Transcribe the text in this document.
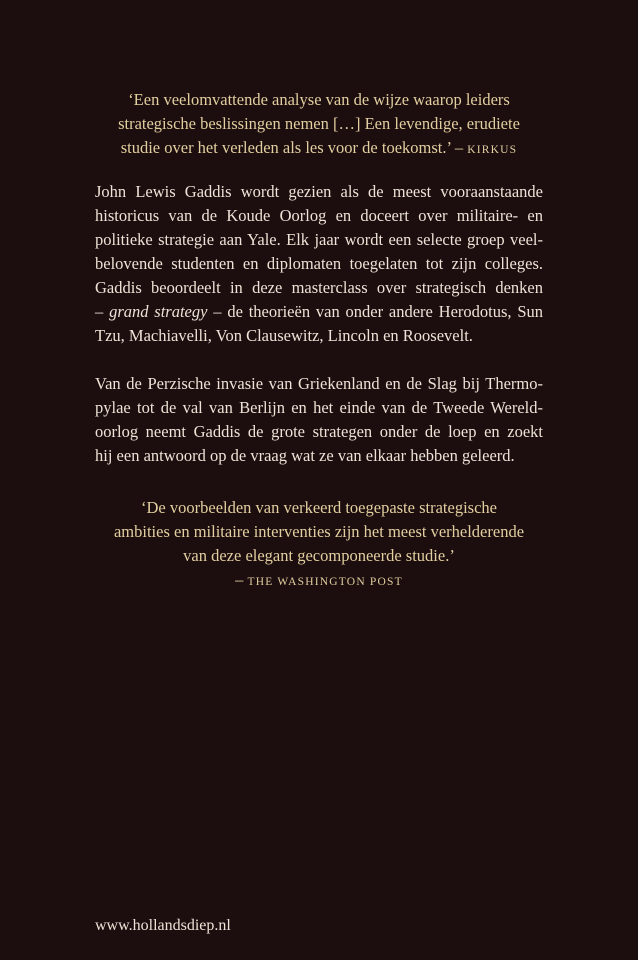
‘Een veelomvattende analyse van de wijze waarop leiders
strategische beslissingen nemen […] Een levendige, erudiete
studie over het verleden als les voor de toekomst.’ – KIRKUS
John Lewis Gaddis wordt gezien als de meest vooraanstaande
historicus van de Koude Oorlog en doceert over militaire- en
politieke strategie aan Yale. Elk jaar wordt een selecte groep veel-
belovende studenten en diplomaten toegelaten tot zijn colleges.
Gaddis beoordeelt in deze masterclass over strategisch denken
– grand strategy – de theorieën van onder andere Herodotus, Sun
Tzu, Machiavelli, Von Clausewitz, Lincoln en Roosevelt.
Van de Perzische invasie van Griekenland en de Slag bij Thermo-
pylae tot de val van Berlijn en het einde van de Tweede Wereld-
oorlog neemt Gaddis de grote strategen onder de loep en zoekt
hij een antwoord op de vraag wat ze van elkaar hebben geleerd.
‘De voorbeelden van verkeerd toegepaste strategische
ambities en militaire interventies zijn het meest verhelderende
van deze elegant gecomponeerde studie.’
– THE WASHINGTON POST
www.hollandsdiep.nl
